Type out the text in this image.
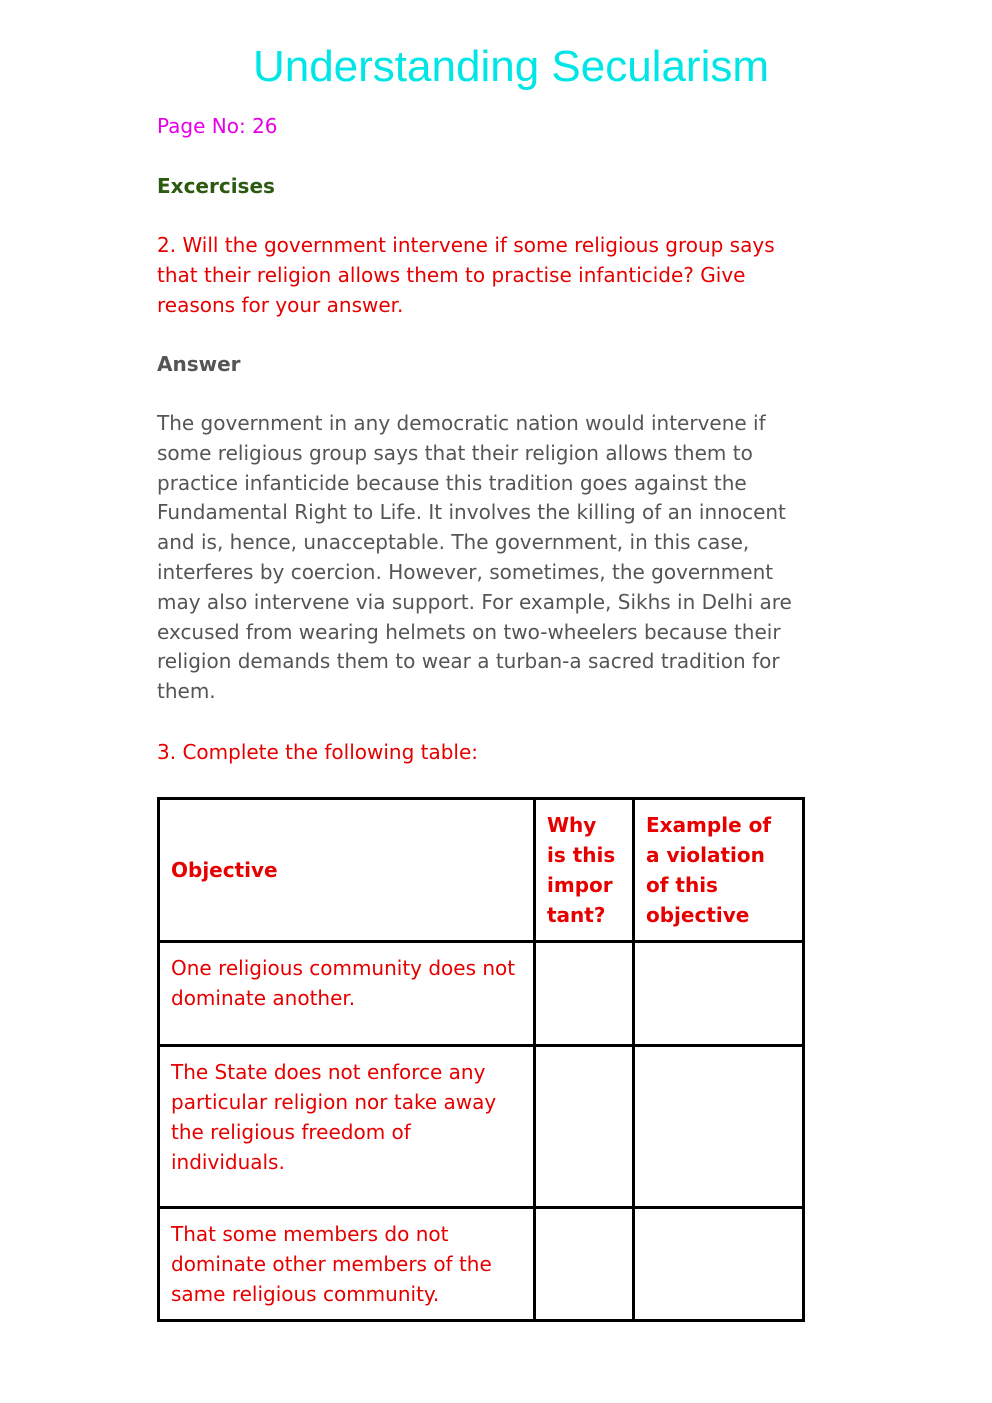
Understanding Secularism
Page No: 26
Excercises

2. Will the government intervene if some religious group says that their religion allows them to practise infanticide? Give reasons for your answer.

Answer

The government in any democratic nation would intervene if some religious group says that their religion allows them to practice infanticide because this tradition goes against the Fundamental Right to Life. It involves the killing of an innocent and is, hence, unacceptable. The government, in this case, interferes by coercion. However, sometimes, the government may also intervene via support. For example, Sikhs in Delhi are excused from wearing helmets on two-wheelers because their religion demands them to wear a turban-a sacred tradition for them.

3. Complete the following table:

Objective	Why is this impor tant?	Example of a violation of this objective
One religious community does not dominate another.		
The State does not enforce any particular religion nor take away the religious freedom of individuals.		
That some members do not dominate other members of the same religious community.		
